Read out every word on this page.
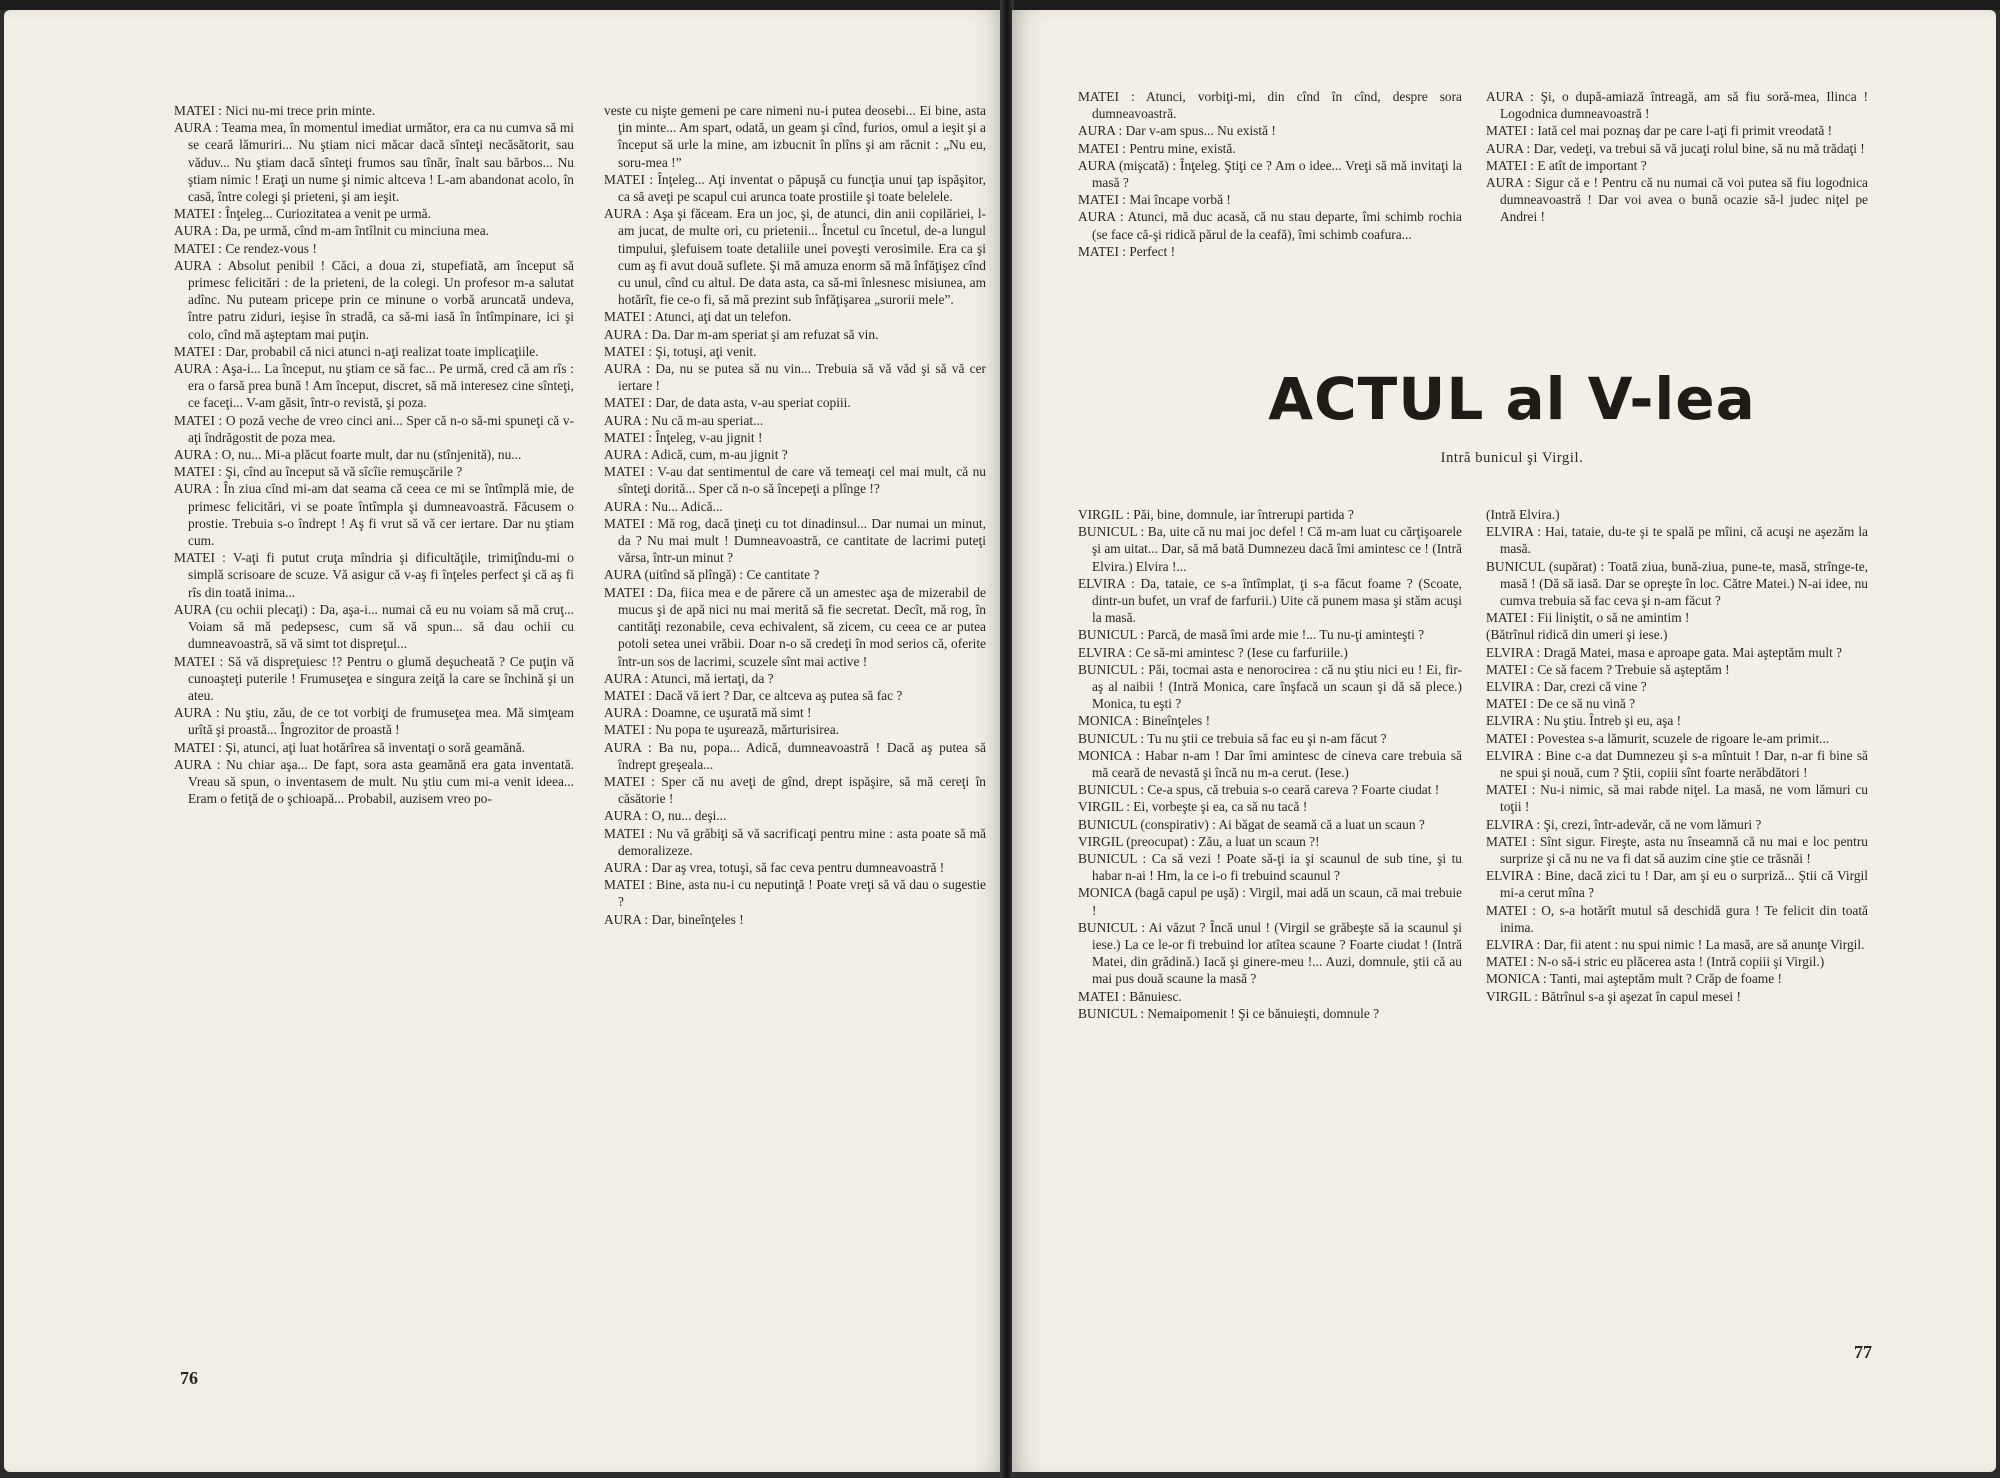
MATEI : Nici nu-mi trece prin minte.

AURA : Teama mea, în momentul imediat următor, era ca nu cumva să mi se ceară lămuriri... Nu ştiam nici măcar dacă sînteţi necăsătorit, sau văduv... Nu ştiam dacă sînteţi frumos sau tînăr, înalt sau bărbos... Nu ştiam nimic ! Eraţi un nume şi nimic altceva ! L-am abandonat acolo, în casă, între colegi şi prieteni, şi am ieşit.

MATEI : Înţeleg... Curiozitatea a venit pe urmă.

AURA : Da, pe urmă, cînd m-am întîlnit cu minciuna mea.

MATEI : Ce rendez-vous !

AURA : Absolut penibil ! Căci, a doua zi, stupefiată, am început să primesc felicitări : de la prieteni, de la colegi. Un profesor m-a salutat adînc. Nu puteam pricepe prin ce minune o vorbă aruncată undeva, între patru ziduri, ieşise în stradă, ca să-mi iasă în întîmpinare, ici şi colo, cînd mă aşteptam mai puţin.

MATEI : Dar, probabil că nici atunci n-aţi realizat toate implicaţiile.

AURA : Aşa-i... La început, nu ştiam ce să fac... Pe urmă, cred că am rîs : era o farsă prea bună ! Am început, discret, să mă interesez cine sînteţi, ce faceţi... V-am găsit, într-o revistă, şi poza.

MATEI : O poză veche de vreo cinci ani... Sper că n-o să-mi spuneţi că v-aţi îndrăgostit de poza mea.

AURA : O, nu... Mi-a plăcut foarte mult, dar nu (stînjenită), nu...

MATEI : Şi, cînd au început să vă sîcîie remuşcările ?

AURA : În ziua cînd mi-am dat seama că ceea ce mi se întîmplă mie, de primesc felicitări, vi se poate întîmpla şi dumneavoastră. Făcusem o prostie. Trebuia s-o îndrept ! Aş fi vrut să vă cer iertare. Dar nu ştiam cum.

MATEI : V-aţi fi putut cruţa mîndria şi dificultăţile, trimiţîndu-mi o simplă scrisoare de scuze. Vă asigur că v-aş fi înţeles perfect şi că aş fi rîs din toată inima...

AURA (cu ochii plecaţi) : Da, aşa-i... numai că eu nu voiam să mă cruţ... Voiam să mă pedepsesc, cum să vă spun... să dau ochii cu dumneavoastră, să vă simt tot dispreţul...

MATEI : Să vă dispreţuiesc !? Pentru o glumă deşucheată ? Ce puţin vă cunoaşteţi puterile ! Frumuseţea e singura zeiţă la care se închină şi un ateu.

AURA : Nu ştiu, zău, de ce tot vorbiţi de frumuseţea mea. Mă simţeam urîtă şi proastă... Îngrozitor de proastă !

MATEI : Şi, atunci, aţi luat hotărîrea să inventaţi o soră geamănă.

AURA : Nu chiar aşa... De fapt, sora asta geamănă era gata inventată. Vreau să spun, o inventasem de mult. Nu ştiu cum mi-a venit ideea... Eram o fetiţă de o şchioapă... Probabil, auzisem vreo po-

veste cu nişte gemeni pe care nimeni nu-i putea deosebi... Ei bine, asta ţin minte... Am spart, odată, un geam şi cînd, furios, omul a ieşit şi a început să urle la mine, am izbucnit în plîns şi am răcnit : „Nu eu, soru-mea !”

MATEI : Înţeleg... Aţi inventat o păpuşă cu funcţia unui ţap ispăşitor, ca să aveţi pe scapul cui arunca toate prostiile şi toate belelele.

AURA : Aşa şi făceam. Era un joc, şi, de atunci, din anii copilăriei, l-am jucat, de multe ori, cu prietenii... Încetul cu încetul, de-a lungul timpului, şlefuisem toate detaliile unei poveşti verosimile. Era ca şi cum aş fi avut două suflete. Şi mă amuza enorm să mă înfăţişez cînd cu unul, cînd cu altul. De data asta, ca să-mi înlesnesc misiunea, am hotărît, fie ce-o fi, să mă prezint sub înfăţişarea „surorii mele”.

MATEI : Atunci, aţi dat un telefon.

AURA : Da. Dar m-am speriat şi am refuzat să vin.

MATEI : Şi, totuşi, aţi venit.

AURA : Da, nu se putea să nu vin... Trebuia să vă văd şi să vă cer iertare !

MATEI : Dar, de data asta, v-au speriat copiii.

AURA : Nu că m-au speriat...

MATEI : Înţeleg, v-au jignit !

AURA : Adică, cum, m-au jignit ?

MATEI : V-au dat sentimentul de care vă temeaţi cel mai mult, că nu sînteţi dorită... Sper că n-o să începeţi a plînge !?

AURA : Nu... Adică...

MATEI : Mă rog, dacă ţineţi cu tot dinadinsul... Dar numai un minut, da ? Nu mai mult ! Dumneavoastră, ce cantitate de lacrimi puteţi vărsa, într-un minut ?

AURA (uitînd să plîngă) : Ce cantitate ?

MATEI : Da, fiica mea e de părere că un amestec aşa de mizerabil de mucus şi de apă nici nu mai merită să fie secretat. Decît, mă rog, în cantităţi rezonabile, ceva echivalent, să zicem, cu ceea ce ar putea potoli setea unei vrăbii. Doar n-o să credeţi în mod serios că, oferite într-un sos de lacrimi, scuzele sînt mai active !

AURA : Atunci, mă iertaţi, da ?

MATEI : Dacă vă iert ? Dar, ce altceva aş putea să fac ?

AURA : Doamne, ce uşurată mă simt !

MATEI : Nu popa te uşurează, mărturisirea.

AURA : Ba nu, popa... Adică, dumneavoastră ! Dacă aş putea să îndrept greşeala...

MATEI : Sper că nu aveţi de gînd, drept ispăşire, să mă cereţi în căsătorie !

AURA : O, nu... deşi...

MATEI : Nu vă grăbiţi să vă sacrificaţi pentru mine : asta poate să mă demoralizeze.

AURA : Dar aş vrea, totuşi, să fac ceva pentru dumneavoastră !

MATEI : Bine, asta nu-i cu neputinţă ! Poate vreţi să vă dau o sugestie ?

AURA : Dar, bineînţeles !

76

MATEI : Atunci, vorbiţi-mi, din cînd în cînd, despre sora dumneavoastră.

AURA : Dar v-am spus... Nu există !

MATEI : Pentru mine, există.

AURA (mişcată) : Înţeleg. Ştiţi ce ? Am o idee... Vreţi să mă invitaţi la masă ?

MATEI : Mai încape vorbă !

AURA : Atunci, mă duc acasă, că nu stau departe, îmi schimb rochia (se face că-şi ridică părul de la ceafă), îmi schimb coafura...

MATEI : Perfect !

AURA : Şi, o după-amiază întreagă, am să fiu soră-mea, Ilinca ! Logodnica dumneavoastră !

MATEI : Iată cel mai poznaş dar pe care l-aţi fi primit vreodată !

AURA : Dar, vedeţi, va trebui să vă jucaţi rolul bine, să nu mă trădaţi !

MATEI : E atît de important ?

AURA : Sigur că e ! Pentru că nu numai că voi putea să fiu logodnica dumneavoastră ! Dar voi avea o bună ocazie să-l judec niţel pe Andrei !

ACTUL al V-lea
Intră bunicul şi Virgil.

VIRGIL : Păi, bine, domnule, iar întrerupi partida ?

BUNICUL : Ba, uite că nu mai joc defel ! Că m-am luat cu cărţişoarele şi am uitat... Dar, să mă bată Dumnezeu dacă îmi amintesc ce ! (Intră Elvira.) Elvira !...

ELVIRA : Da, tataie, ce s-a întîmplat, ţi s-a făcut foame ? (Scoate, dintr-un bufet, un vraf de farfurii.) Uite că punem masa şi stăm acuşi la masă.

BUNICUL : Parcă, de masă îmi arde mie !... Tu nu-ţi aminteşti ?

ELVIRA : Ce să-mi amintesc ? (Iese cu farfuriile.)

BUNICUL : Păi, tocmai asta e nenorocirea : că nu ştiu nici eu ! Ei, fir-aş al naibii ! (Intră Monica, care înşfacă un scaun şi dă să plece.) Monica, tu eşti ?

MONICA : Bineînţeles !

BUNICUL : Tu nu ştii ce trebuia să fac eu şi n-am făcut ?

MONICA : Habar n-am ! Dar îmi amintesc de cineva care trebuia să mă ceară de nevastă şi încă nu m-a cerut. (Iese.)

BUNICUL : Ce-a spus, că trebuia s-o ceară careva ? Foarte ciudat !

VIRGIL : Ei, vorbeşte şi ea, ca să nu tacă !

BUNICUL (conspirativ) : Ai băgat de seamă că a luat un scaun ?

VIRGIL (preocupat) : Zău, a luat un scaun ?!

BUNICUL : Ca să vezi ! Poate să-ţi ia şi scaunul de sub tine, şi tu habar n-ai ! Hm, la ce i-o fi trebuind scaunul ?

MONICA (bagă capul pe uşă) : Virgil, mai adă un scaun, că mai trebuie !

BUNICUL : Ai văzut ? Încă unul ! (Virgil se grăbeşte să ia scaunul şi iese.) La ce le-or fi trebuind lor atîtea scaune ? Foarte ciudat ! (Intră Matei, din grădină.) Iacă şi ginere-meu !... Auzi, domnule, ştii că au mai pus două scaune la masă ?

MATEI : Bănuiesc.

BUNICUL : Nemaipomenit ! Şi ce bănuieşti, domnule ?

(Intră Elvira.)

ELVIRA : Hai, tataie, du-te şi te spală pe mîini, că acuşi ne aşezăm la masă.

BUNICUL (supărat) : Toată ziua, bună-ziua, pune-te, masă, strînge-te, masă ! (Dă să iasă. Dar se opreşte în loc. Către Matei.) N-ai idee, nu cumva trebuia să fac ceva şi n-am făcut ?

MATEI : Fii liniştit, o să ne amintim !

(Bătrînul ridică din umeri şi iese.)

ELVIRA : Dragă Matei, masa e aproape gata. Mai aşteptăm mult ?

MATEI : Ce să facem ? Trebuie să aşteptăm !

ELVIRA : Dar, crezi că vine ?

MATEI : De ce să nu vină ?

ELVIRA : Nu ştiu. Întreb şi eu, aşa !

MATEI : Povestea s-a lămurit, scuzele de rigoare le-am primit...

ELVIRA : Bine c-a dat Dumnezeu şi s-a mîntuit ! Dar, n-ar fi bine să ne spui şi nouă, cum ? Ştii, copiii sînt foarte nerăbdători !

MATEI : Nu-i nimic, să mai rabde niţel. La masă, ne vom lămuri cu toţii !

ELVIRA : Şi, crezi, într-adevăr, că ne vom lămuri ?

MATEI : Sînt sigur. Fireşte, asta nu înseamnă că nu mai e loc pentru surprize şi că nu ne va fi dat să auzim cine ştie ce trăsnăi !

ELVIRA : Bine, dacă zici tu ! Dar, am şi eu o surpriză... Ştii că Virgil mi-a cerut mîna ?

MATEI : O, s-a hotărît mutul să deschidă gura ! Te felicit din toată inima.

ELVIRA : Dar, fii atent : nu spui nimic ! La masă, are să anunţe Virgil.

MATEI : N-o să-i stric eu plăcerea asta ! (Intră copiii şi Virgil.)

MONICA : Tanti, mai aşteptăm mult ? Crăp de foame !

VIRGIL : Bătrînul s-a şi aşezat în capul mesei !

77
